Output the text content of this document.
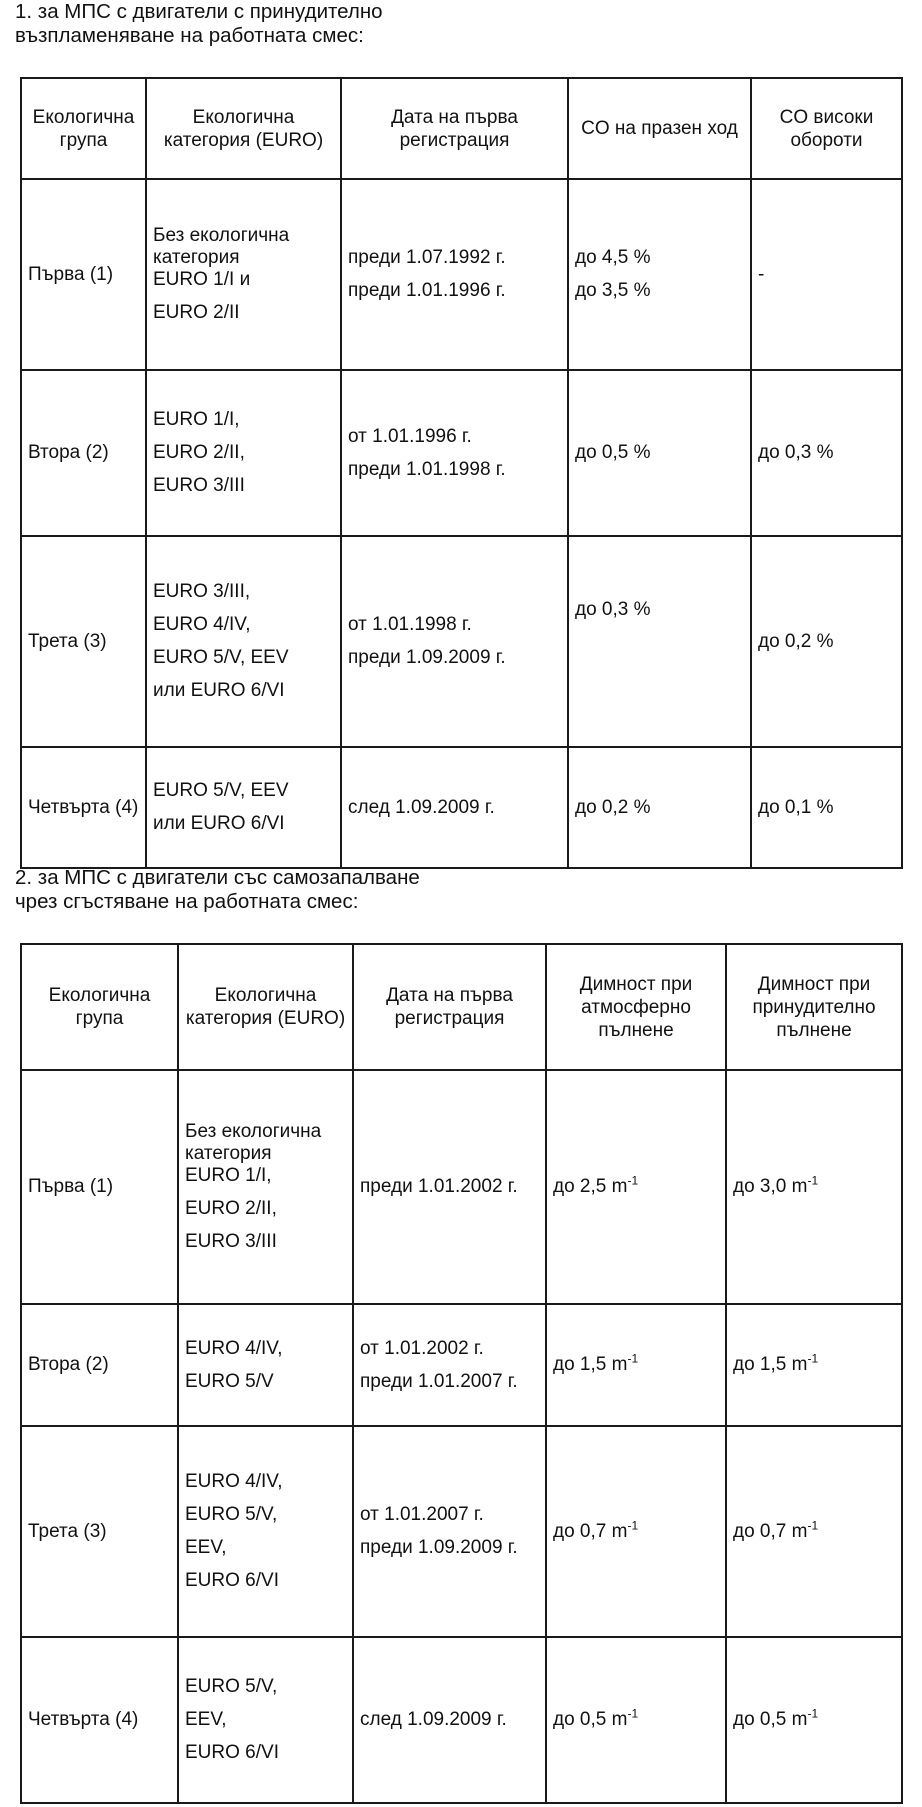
1. за МПС с двигатели с принудително
възпламеняване на работната смес:

Екологична група	Екологична категория (EURO)	Дата на първа регистрация	CO на празен ход	CO високи обороти
Първа (1)	Без екологична категория
EURO 1/I и
EURO 2/II	преди 1.07.1992 г.
преди 1.01.1996 г.	до 4,5 %
до 3,5 %	-
Втора (2)	EURO 1/I,
EURO 2/II,
EURO 3/III	от 1.01.1996 г.
преди 1.01.1998 г.	до 0,5 %	до 0,3 %
Трета (3)	EURO 3/III,
EURO 4/IV,
EURO 5/V, EEV
или EURO 6/VI	от 1.01.1998 г.
преди 1.09.2009 г.	до 0,3 %	до 0,2 %
Четвърта (4)	EURO 5/V, EEV
или EURO 6/VI	след 1.09.2009 г.	до 0,2 %	до 0,1 %

2. за МПС с двигатели със самозапалване
чрез сгъстяване на работната смес:

Екологична група	Екологична категория (EURO)	Дата на първа регистрация	Димност при атмосферно пълнене	Димност при принудително пълнене
Първа (1)	Без екологична категория
EURO 1/I,
EURO 2/II,
EURO 3/III	преди 1.01.2002 г.	до 2,5 $m^{-1}$	до 3,0 $m^{-1}$
Втора (2)	EURO 4/IV,
EURO 5/V	от 1.01.2002 г.
преди 1.01.2007 г.	до 1,5 $m^{-1}$	до 1,5 $m^{-1}$
Трета (3)	EURO 4/IV,
EURO 5/V,
EEV,
EURO 6/VI	от 1.01.2007 г.
преди 1.09.2009 г.	до 0,7 $m^{-1}$	до 0,7 $m^{-1}$
Четвърта (4)	EURO 5/V,
EEV,
EURO 6/VI	след 1.09.2009 г.	до 0,5 $m^{-1}$	до 0,5 $m^{-1}$
